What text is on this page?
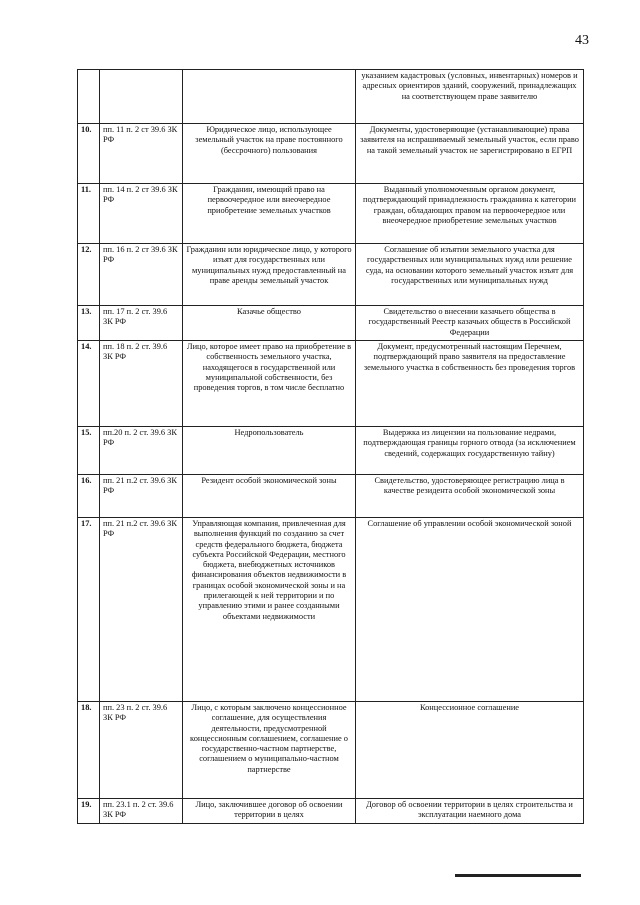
43
			указанием кадастровых (условных, инвентарных) номеров и адресных ориентиров зданий, сооружений, принадлежащих на соответствующем праве заявителю
10.	пп. 11 п. 2 ст 39.6 ЗК РФ	Юридическое лицо, использующее земельный участок на праве постоянного (бессрочного) пользования	Документы, удостоверяющие (устанавливающие) права заявителя на испрашиваемый земельный участок, если право на такой земельный участок не зарегистрировано в ЕГРП
11.	пп. 14 п. 2 ст 39.6 ЗК РФ	Гражданин, имеющий право на первоочередное или внеочередное приобретение земельных участков	Выданный уполномоченным органом документ, подтверждающий принадлежность гражданина к категории граждан, обладающих правом на первоочередное или внеочередное приобретение земельных участков
12.	пп. 16 п. 2 ст 39.6 ЗК РФ	Гражданин или юридическое лицо, у которого изъят для государственных или муниципальных нужд предоставленный на праве аренды земельный участок	Соглашение об изъятии земельного участка для государственных или муниципальных нужд или решение суда, на основании которого земельный участок изъят для государственных или муниципальных нужд
13.	пп. 17 п. 2 ст. 39.6 ЗК РФ	Казачье общество	Свидетельство о внесении казачьего общества в государственный Реестр казачьих обществ в Российской Федерации
14.	пп. 18 п. 2 ст. 39.6 ЗК РФ	Лицо, которое имеет право на приобретение в собственность земельного участка, находящегося в государственной или муниципальной собственности, без проведения торгов, в том числе бесплатно	Документ, предусмотренный настоящим Перечнем, подтверждающий право заявителя на предоставление земельного участка в собственность без проведения торгов
15.	пп.20 п. 2 ст. 39.6 ЗК РФ	Недропользователь	Выдержка из лицензии на пользование недрами, подтверждающая границы горного отвода (за исключением сведений, содержащих государственную тайну)
16.	пп. 21 п.2 ст. 39.6 ЗК РФ	Резидент особой экономической зоны	Свидетельство, удостоверяющее регистрацию лица в качестве резидента особой экономической зоны
17.	пп. 21 п.2 ст. 39.6 ЗК РФ	Управляющая компания, привлеченная для выполнения функций по созданию за счет средств федерального бюджета, бюджета субъекта Российской Федерации, местного бюджета, внебюджетных источников финансирования объектов недвижимости в границах особой экономической зоны и на прилегающей к ней территории и по управлению этими и ранее созданными объектами недвижимости	Соглашение об управлении особой экономической зоной
18.	пп. 23 п. 2 ст. 39.6 ЗК РФ	Лицо, с которым заключено концессионное соглашение, для осуществления деятельности, предусмотренной концессионным соглашением, соглашение о государственно-частном партнерстве, соглашением о муниципально-частном партнерстве	Концессионное соглашение
19.	пп. 23.1 п. 2 ст. 39.6 ЗК РФ	Лицо, заключившее договор об освоении территории в целях	Договор об освоении территории в целях строительства и эксплуатации наемного дома
